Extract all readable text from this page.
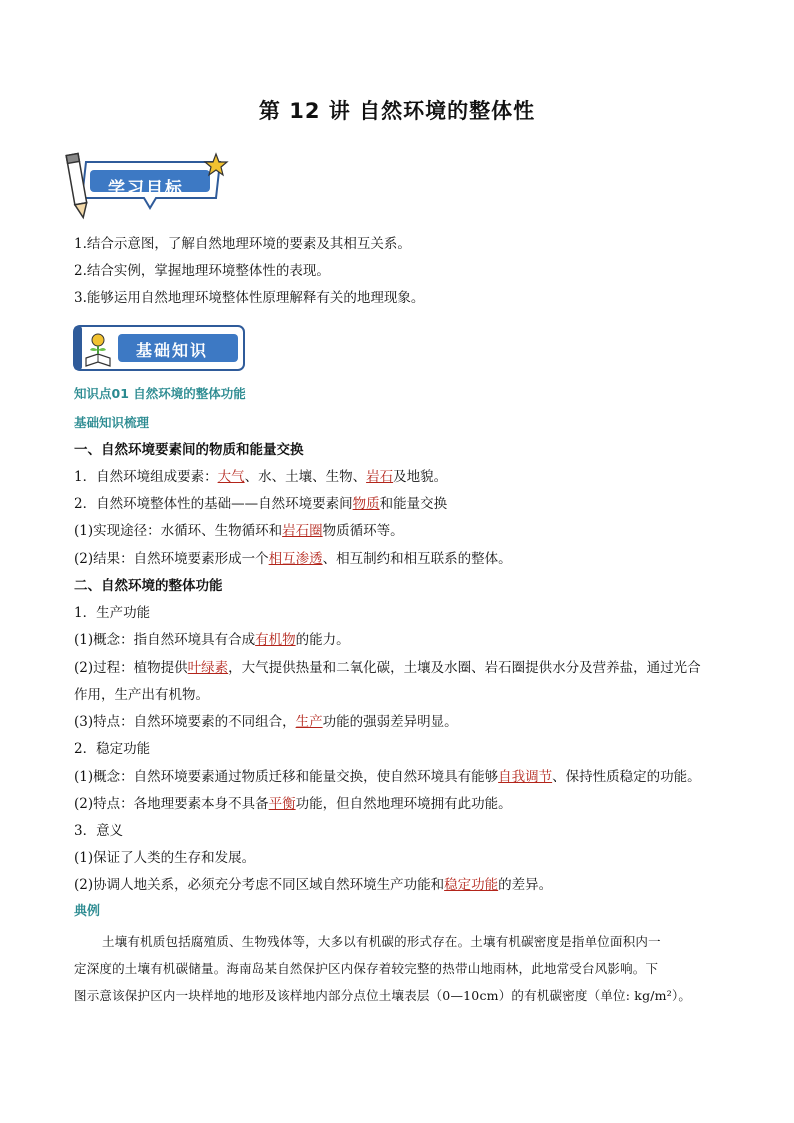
第 12 讲 自然环境的整体性
学习目标
1.结合示意图，了解自然地理环境的要素及其相互关系。
2.结合实例，掌握地理环境整体性的表现。
3.能够运用自然地理环境整体性原理解释有关的地理现象。
基础知识
知识点01 自然环境的整体功能
基础知识梳理
一、自然环境要素间的物质和能量交换
1．自然环境组成要素：大气、水、土壤、生物、岩石及地貌。
2．自然环境整体性的基础——自然环境要素间物质和能量交换
(1)实现途径：水循环、生物循环和岩石圈物质循环等。
(2)结果：自然环境要素形成一个相互渗透、相互制约和相互联系的整体。
二、自然环境的整体功能
1．生产功能
(1)概念：指自然环境具有合成有机物的能力。
(2)过程：植物提供叶绿素，大气提供热量和二氧化碳，土壤及水圈、岩石圈提供水分及营养盐，通过光合
作用，生产出有机物。
(3)特点：自然环境要素的不同组合，生产功能的强弱差异明显。
2．稳定功能
(1)概念：自然环境要素通过物质迁移和能量交换，使自然环境具有能够自我调节、保持性质稳定的功能。
(2)特点：各地理要素本身不具备平衡功能，但自然地理环境拥有此功能。
3．意义
(1)保证了人类的生存和发展。
(2)协调人地关系，必须充分考虑不同区域自然环境生产功能和稳定功能的差异。
典例
土壤有机质包括腐殖质、生物残体等，大多以有机碳的形式存在。土壤有机碳密度是指单位面积内一
定深度的土壤有机碳储量。海南岛某自然保护区内保存着较完整的热带山地雨林，此地常受台风影响。下
图示意该保护区内一块样地的地形及该样地内部分点位土壤表层（0—10cm）的有机碳密度（单位: kg/m²）。
